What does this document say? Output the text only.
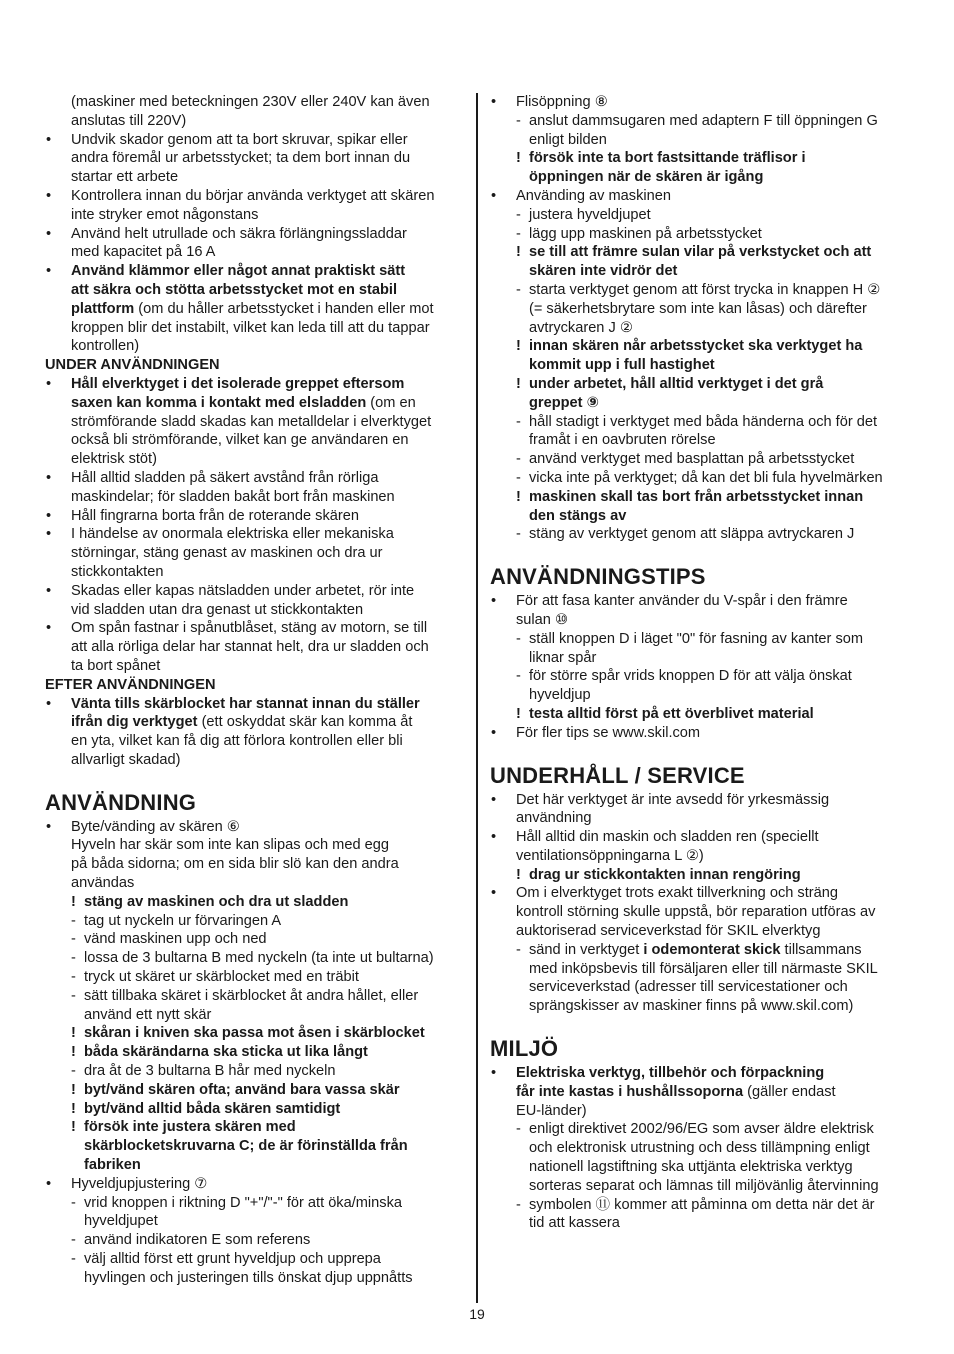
(maskiner med beteckningen 230V eller 240V kan även
anslutas till 220V)
• Undvik skador genom att ta bort skruvar, spikar eller
andra föremål ur arbetsstycket; ta dem bort innan du
startar ett arbete
• Kontrollera innan du börjar använda verktyget att skären
inte stryker emot någonstans
• Använd helt utrullade och säkra förlängningssladdar
med kapacitet på 16 A
• Använd klämmor eller något annat praktiskt sätt
att säkra och stötta arbetsstycket mot en stabil
plattform (om du håller arbetsstycket i handen eller mot
kroppen blir det instabilt, vilket kan leda till att du tappar
kontrollen)
UNDER ANVÄNDNINGEN
• Håll elverktyget i det isolerade greppet eftersom
saxen kan komma i kontakt med elsladden (om en
strömförande sladd skadas kan metalldelar i elverktyget
också bli strömförande, vilket kan ge användaren en
elektrisk stöt)
• Håll alltid sladden på säkert avstånd från rörliga
maskindelar; för sladden bakåt bort från maskinen
• Håll fingrarna borta från de roterande skären
• I händelse av onormala elektriska eller mekaniska
störningar, stäng genast av maskinen och dra ur
stickkontakten
• Skadas eller kapas nätsladden under arbetet, rör inte
vid sladden utan dra genast ut stickkontakten
• Om spån fastnar i spånutblåset, stäng av motorn, se till
att alla rörliga delar har stannat helt, dra ur sladden och
ta bort spånet
EFTER ANVÄNDNINGEN
• Vänta tills skärblocket har stannat innan du ställer
ifrån dig verktyget (ett oskyddat skär kan komma åt
en yta, vilket kan få dig att förlora kontrollen eller bli
allvarligt skadad)
ANVÄNDNING
• Byte/vänding av skären ⑥
Hyveln har skär som inte kan slipas och med egg
på båda sidorna; om en sida blir slö kan den andra
användas
! stäng av maskinen och dra ut sladden
- tag ut nyckeln ur förvaringen A
- vänd maskinen upp och ned
- lossa de 3 bultarna B med nyckeln (ta inte ut bultarna)
- tryck ut skäret ur skärblocket med en träbit
- sätt tillbaka skäret i skärblocket åt andra hållet, eller
använd ett nytt skär
! skåran i kniven ska passa mot åsen i skärblocket
! båda skärändarna ska sticka ut lika långt
- dra åt de 3 bultarna B hår med nyckeln
! byt/vänd skären ofta; använd bara vassa skär
! byt/vänd alltid båda skären samtidigt
! försök inte justera skären med
skärblocketskruvarna C; de är förinställda från
fabriken
• Hyveldjupjustering ⑦
- vrid knoppen i riktning D "+"/"-" för att öka/minska
hyveldjupet
- använd indikatoren E som referens
- välj alltid först ett grunt hyveldjup och upprepa
hyvlingen och justeringen tills önskat djup uppnåtts
• Flisöppning ⑧
- anslut dammsugaren med adaptern F till öppningen G
enligt bilden
! försök inte ta bort fastsittande träflisor i
öppningen när de skären är igång
• Använding av maskinen
- justera hyveldjupet
- lägg upp maskinen på arbetsstycket
! se till att främre sulan vilar på verkstycket och att
skären inte vidrör det
- starta verktyget genom att först trycka in knappen H ②
(= säkerhetsbrytare som inte kan låsas) och därefter
avtryckaren J ②
! innan skären når arbetsstycket ska verktyget ha
kommit upp i full hastighet
! under arbetet, håll alltid verktyget i det grå
greppet ⑨
- håll stadigt i verktyget med båda händerna och för det
framåt i en oavbruten rörelse
- använd verktyget med basplattan på arbetsstycket
- vicka inte på verktyget; då kan det bli fula hyvelmärken
! maskinen skall tas bort från arbetsstycket innan
den stängs av
- stäng av verktyget genom att släppa avtryckaren J
ANVÄNDNINGSTIPS
• För att fasa kanter använder du V-spår i den främre
sulan ⑩
- ställ knoppen D i läget "0" för fasning av kanter som
liknar spår
- för större spår vrids knoppen D för att välja önskat
hyveldjup
! testa alltid först på ett överblivet material
• För fler tips se www.skil.com
UNDERHÅLL / SERVICE
• Det här verktyget är inte avsedd för yrkesmässig
användning
• Håll alltid din maskin och sladden ren (speciellt
ventilationsöppningarna L ②)
! drag ur stickkontakten innan rengöring
• Om i elverktyget trots exakt tillverkning och sträng
kontroll störning skulle uppstå, bör reparation utföras av
auktoriserad serviceverkstad för SKIL elverktyg
- sänd in verktyget i odemonterat skick tillsammans
med inköpsbevis till försäljaren eller till närmaste SKIL
serviceverkstad (adresser till servicestationer och
sprängskisser av maskiner finns på www.skil.com)
MILJÖ
• Elektriska verktyg, tillbehör och förpackning
får inte kastas i hushållssoporna (gäller endast
EU-länder)
- enligt direktivet 2002/96/EG som avser äldre elektrisk
och elektronisk utrustning och dess tillämpning enligt
nationell lagstiftning ska uttjänta elektriska verktyg
sorteras separat och lämnas till miljövänlig återvinning
- symbolen ⑪ kommer att påminna om detta när det är
tid att kassera
19
